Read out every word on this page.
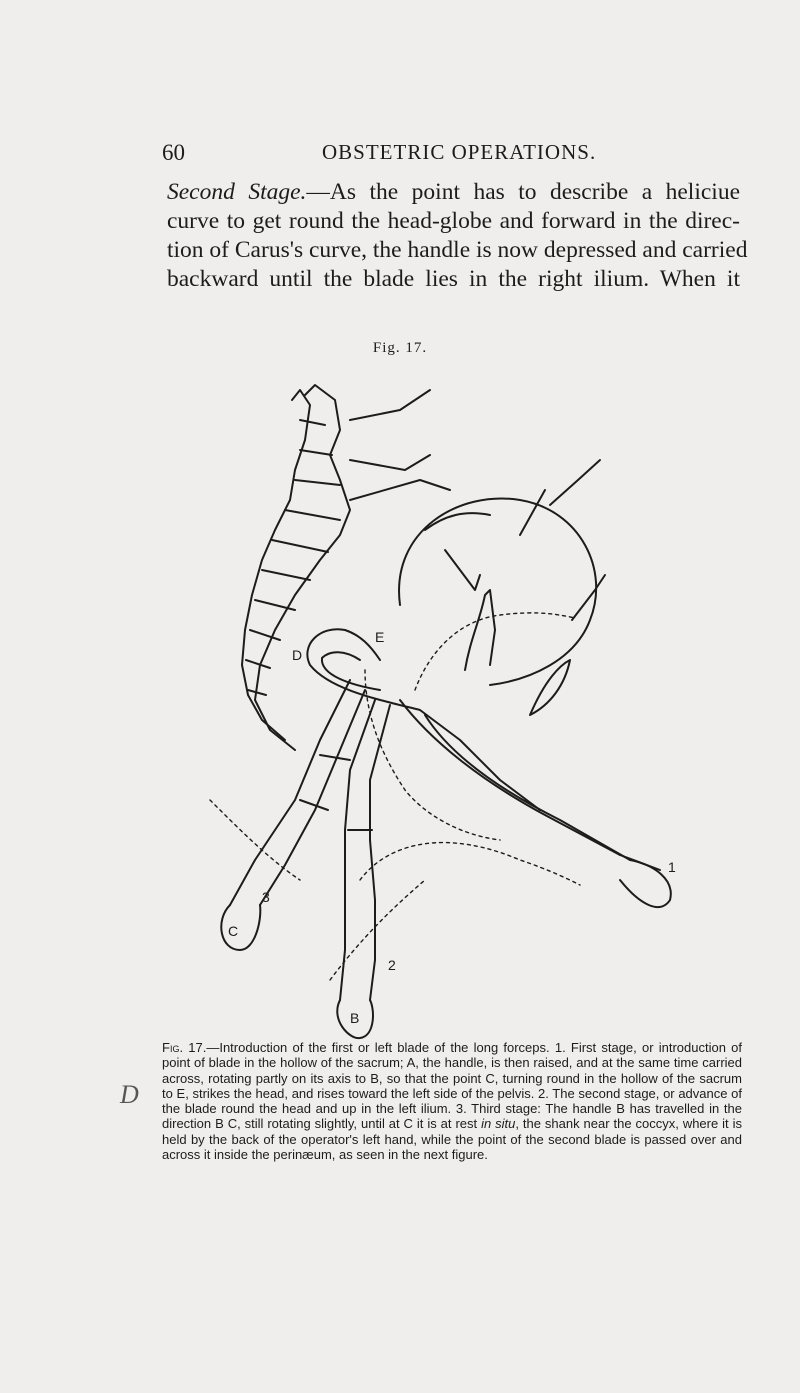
60	OBSTETRIC OPERATIONS.
Second Stage.—As the point has to describe a heliciue
curve to get round the head-globe and forward in the direc-
tion of Carus's curve, the handle is now depressed and carried
backward until the blade lies in the right ilium. When it
Fig. 17.
D
E
C
B
3
2
1
Fig. 17.—Introduction of the first or left blade of the long forceps. 1. First stage, or introduction of point of blade in the hollow of the sacrum; A, the handle, is then raised, and at the same time carried across, rotating partly on its axis to B, so that the point C, turning round in the hollow of the sacrum to E, strikes the head, and rises toward the left side of the pelvis. 2. The second stage, or advance of the blade round the head and up in the left ilium. 3. Third stage: The handle B has travelled in the direction B C, still rotating slightly, until at C it is at rest in situ, the shank near the coccyx, where it is held by the back of the operator's left hand, while the point of the second blade is passed over and across it inside the perinæum, as seen in the next figure.
D
